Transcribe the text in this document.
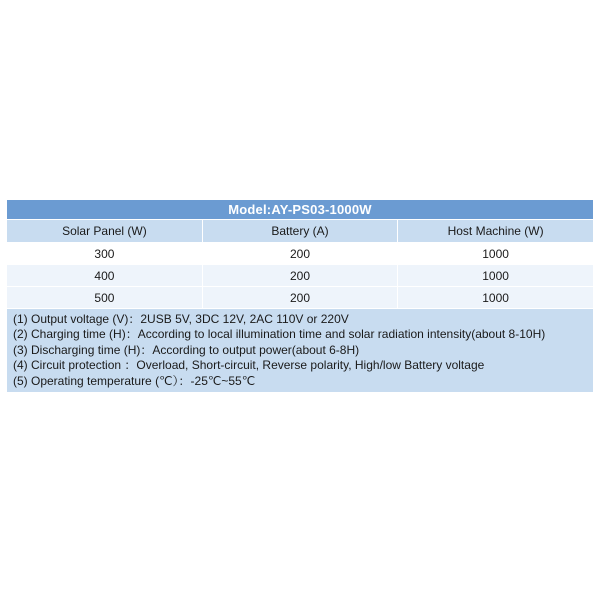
Model:AY-PS03-1000W
Solar Panel (W)	Battery (A)	Host Machine (W)
300	200	1000
400	200	1000
500	200	1000
(1) Output voltage (V)：2USB 5V, 3DC 12V, 2AC 110V or 220V
(2) Charging time (H)：According to local illumination time and solar radiation intensity(about 8-10H)
(3) Discharging time (H)：According to output power(about 6-8H)
(4) Circuit protection ：Overload, Short-circuit, Reverse polarity, High/low Battery voltage
(5) Operating temperature (℃）：-25℃~55℃
